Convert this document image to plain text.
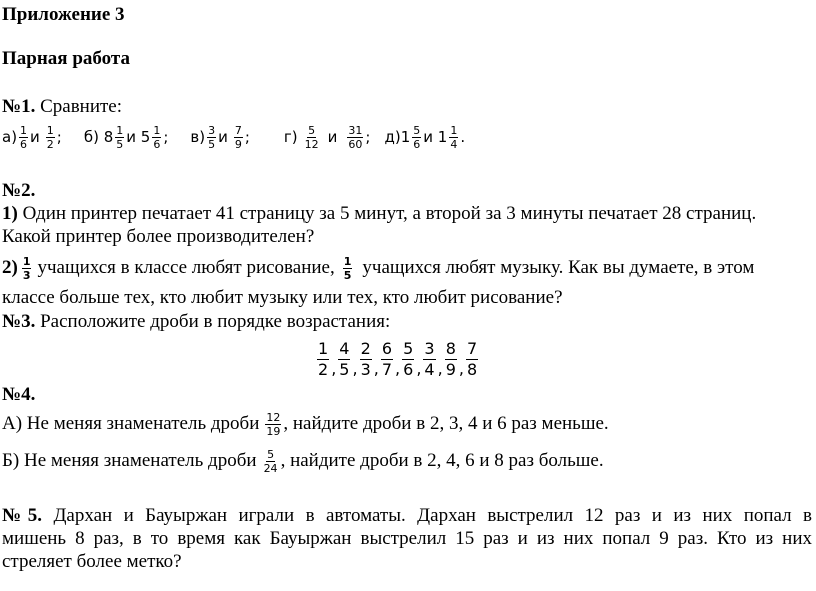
Приложение 3
Парная работа
№1. Сравните:
$а) \frac{1}{6}$ и $\frac{1}{2}$ ; б) $8 \frac{1}{5}$ и $5 \frac{1}{6}$ ; $в) \frac{3}{5}$ и $\frac{7}{9}$ ; $г) \frac{5}{12}$ и $\frac{31}{60}$ ; $д)1 \frac{5}{6}$ и $1 \frac{1}{4}$ .
№2.
1) Один принтер печатает 41 страницу за 5 минут, а второй за 3 минуты печатает 28 страниц.
Какой принтер более производителен?
$2) \frac{1}{3}$ учащихся в классе любят рисование, $\frac{1}{5}$ учащихся любят музыку. Как вы думаете, в этом
классе больше тех, кто любит музыку или тех, кто любит рисование?
№3. Расположите дроби в порядке возрастания:
$\frac{1}{2}$ , $\frac{4}{5}$ , $\frac{2}{3}$ , $\frac{6}{7}$ , $\frac{5}{6}$ , $\frac{3}{4}$ , $\frac{8}{9}$ , $\frac{7}{8}$
№4.
А) Не меняя знаменатель дроби $\frac{12}{19}$ , найдите дроби в 2, 3, 4 и 6 раз меньше.
Б) Не меняя знаменатель дроби $\frac{5}{24}$ , найдите дроби в 2, 4, 6 и 8 раз больше.
№5. Дархан и Бауыржан играли в автоматы. Дархан выстрелил 12 раз и из них попал в
мишень 8 раз, в то время как Бауыржан выстрелил 15 раз и из них попал 9 раз. Кто из них
стреляет более метко?
